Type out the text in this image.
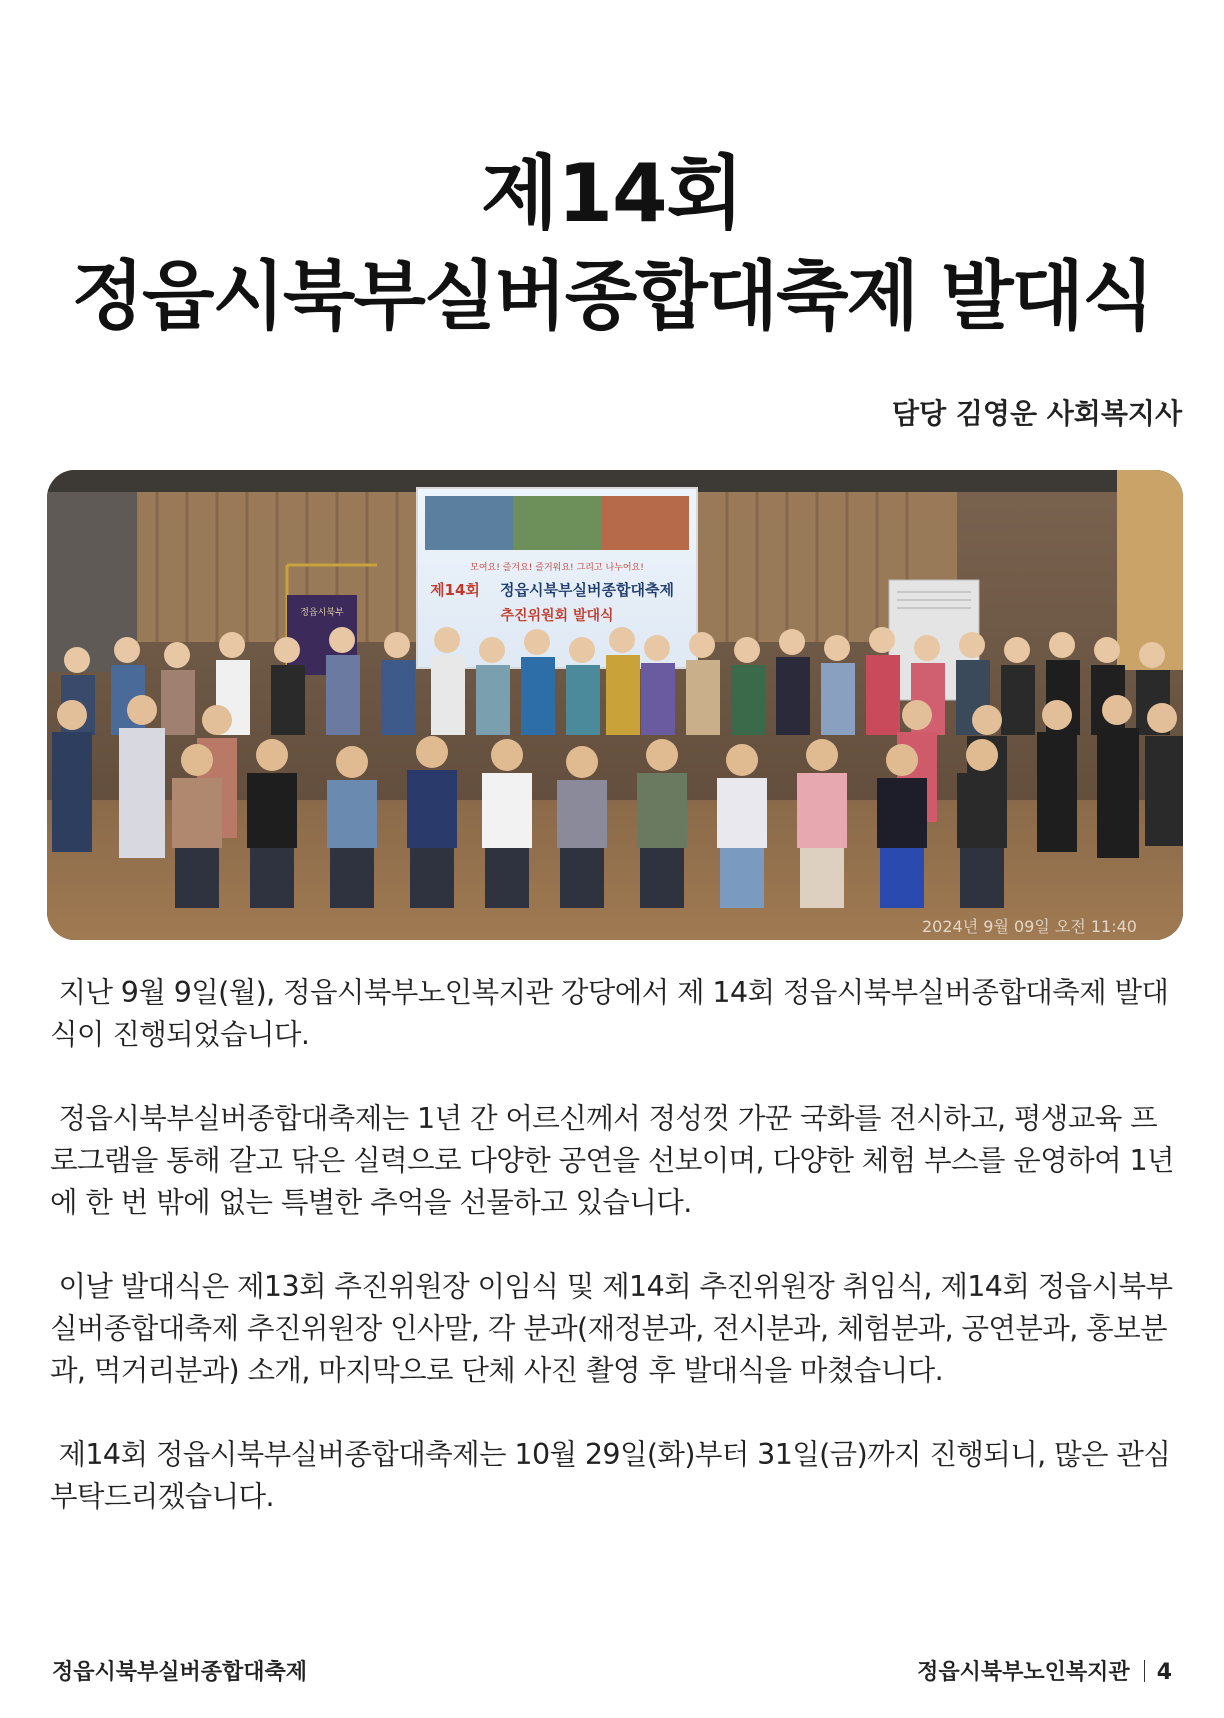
제14회
정읍시북부실버종합대축제 발대식
담당 김영운 사회복지사
모여요! 즐겨요! 즐거워요! 그리고 나누어요!
제14회 정읍시북부실버종합대축제
추진위원회 발대식
정읍시북부
2024년 9월 09일 오전 11:40

지난 9월 9일(월), 정읍시북부노인복지관 강당에서 제 14회 정읍시북부실버종합대축제 발대식이 진행되었습니다.

정읍시북부실버종합대축제는 1년 간 어르신께서 정성껏 가꾼 국화를 전시하고, 평생교육 프로그램을 통해 갈고 닦은 실력으로 다양한 공연을 선보이며, 다양한 체험 부스를 운영하여 1년에 한 번 밖에 없는 특별한 추억을 선물하고 있습니다.

이날 발대식은 제13회 추진위원장 이임식 및 제14회 추진위원장 취임식, 제14회 정읍시북부실버종합대축제 추진위원장 인사말, 각 분과(재정분과, 전시분과, 체험분과, 공연분과, 홍보분과, 먹거리분과) 소개, 마지막으로 단체 사진 촬영 후 발대식을 마쳤습니다.

제14회 정읍시북부실버종합대축제는 10월 29일(화)부터 31일(금)까지 진행되니, 많은 관심 부탁드리겠습니다.

정읍시북부실버종합대축제	정읍시북부노인복지관 4
